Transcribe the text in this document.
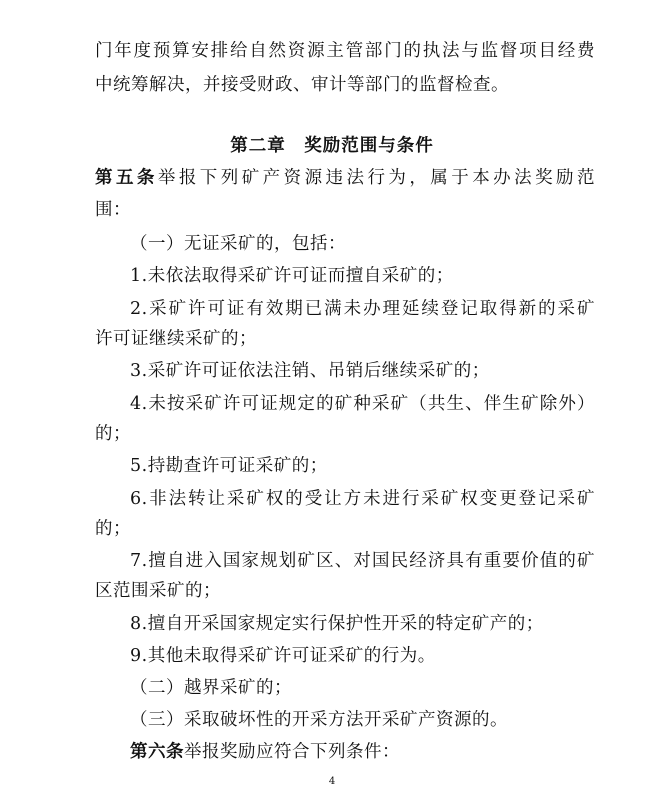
门年度预算安排给自然资源主管部门的执法与监督项目经费
中统筹解决，并接受财政、审计等部门的监督检查。
第二章　奖励范围与条件
第五条举报下列矿产资源违法行为，属于本办法奖励范
围：
（一）无证采矿的，包括：
1.未依法取得采矿许可证而擅自采矿的；
2.采矿许可证有效期已满未办理延续登记取得新的采矿
许可证继续采矿的；
3.采矿许可证依法注销、吊销后继续采矿的；
4.未按采矿许可证规定的矿种采矿（共生、伴生矿除外）
的；
5.持勘查许可证采矿的；
6.非法转让采矿权的受让方未进行采矿权变更登记采矿
的；
7.擅自进入国家规划矿区、对国民经济具有重要价值的矿
区范围采矿的；
8.擅自开采国家规定实行保护性开采的特定矿产的；
9.其他未取得采矿许可证采矿的行为。
（二）越界采矿的；
（三）采取破坏性的开采方法开采矿产资源的。
第六条举报奖励应符合下列条件：
4
